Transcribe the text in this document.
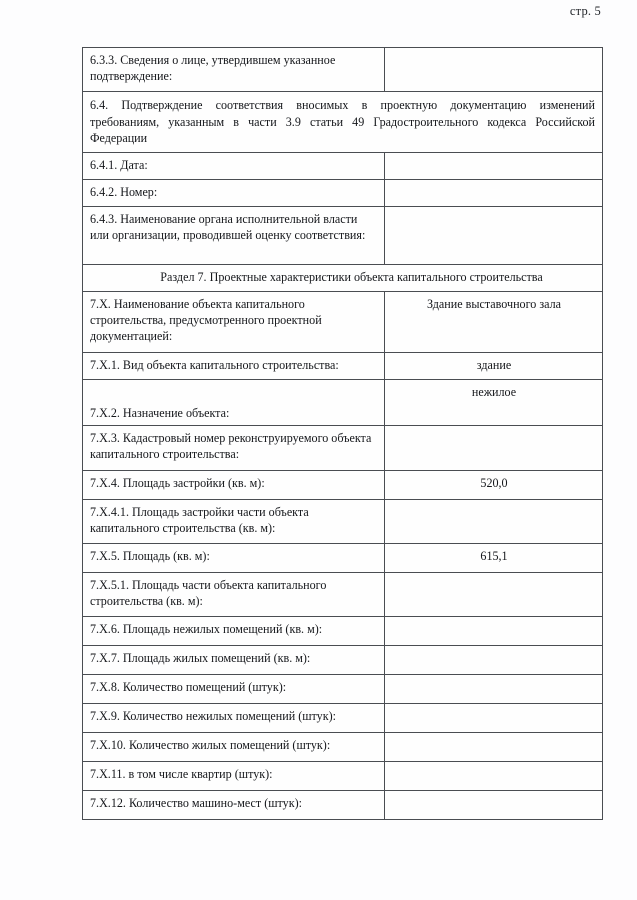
стр. 5
6.3.3. Сведения о лице, утвердившем указанное подтверждение:	
6.4. Подтверждение соответствия вносимых в проектную документацию изменений требованиям, указанным в части 3.9 статьи 49 Градостроительного кодекса Российской Федерации	
6.4.1. Дата:	
6.4.2. Номер:	
6.4.3. Наименование органа исполнительной власти или организации, проводившей оценку соответствия:	
Раздел 7. Проектные характеристики объекта капитального строительства	
7.Х. Наименование объекта капитального строительства, предусмотренного проектной документацией:	Здание выставочного зала
7.Х.1. Вид объекта капитального строительства:	здание
7.Х.2. Назначение объекта:	нежилое
7.Х.3. Кадастровый номер реконструируемого объекта капитального строительства:	
7.Х.4. Площадь застройки (кв. м):	520,0
7.Х.4.1. Площадь застройки части объекта капитального строительства (кв. м):	
7.Х.5. Площадь (кв. м):	615,1
7.Х.5.1. Площадь части объекта капитального строительства (кв. м):	
7.Х.6. Площадь нежилых помещений (кв. м):	
7.Х.7. Площадь жилых помещений (кв. м):	
7.Х.8. Количество помещений (штук):	
7.Х.9. Количество нежилых помещений (штук):	
7.Х.10. Количество жилых помещений (штук):	
7.Х.11. в том числе квартир (штук):	
7.Х.12. Количество машино-мест (штук):	
